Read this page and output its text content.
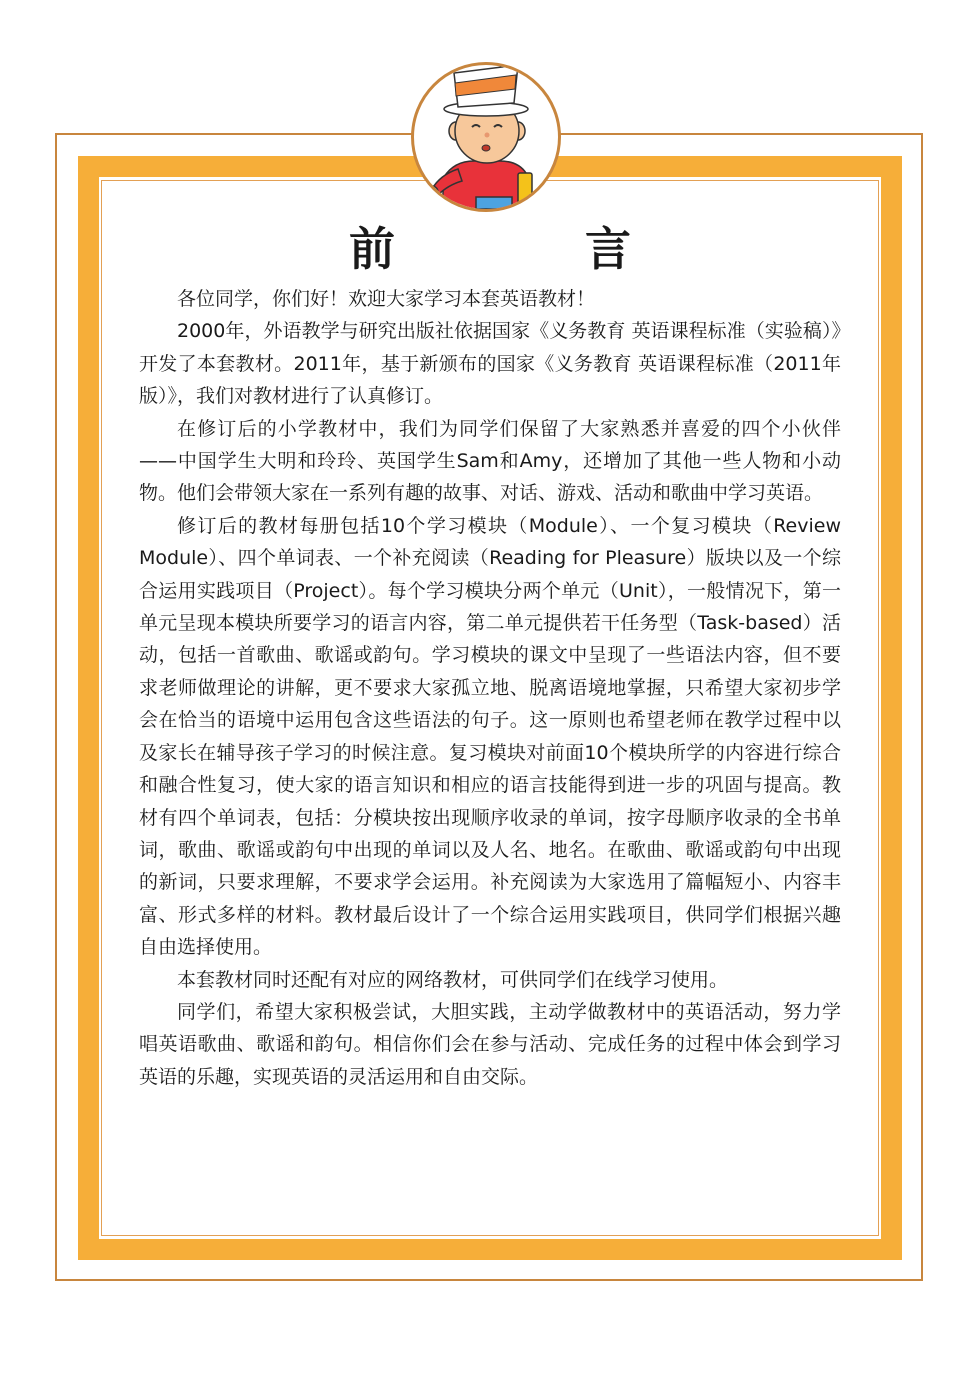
前	言

各位同学，你们好！欢迎大家学习本套英语教材！

2000年，外语教学与研究出版社依据国家《义务教育 英语课程标准（实验稿）》开发了本套教材。2011年，基于新颁布的国家《义务教育 英语课程标准（2011年版）》，我们对教材进行了认真修订。

在修订后的小学教材中，我们为同学们保留了大家熟悉并喜爱的四个小伙伴——中国学生大明和玲玲、英国学生Sam和Amy，还增加了其他一些人物和小动物。他们会带领大家在一系列有趣的故事、对话、游戏、活动和歌曲中学习英语。

修订后的教材每册包括10个学习模块（Module）、一个复习模块（Review Module）、四个单词表、一个补充阅读（Reading for Pleasure）版块以及一个综合运用实践项目（Project）。每个学习模块分两个单元（Unit），一般情况下，第一单元呈现本模块所要学习的语言内容，第二单元提供若干任务型（Task-based）活动，包括一首歌曲、歌谣或韵句。学习模块的课文中呈现了一些语法内容，但不要求老师做理论的讲解，更不要求大家孤立地、脱离语境地掌握，只希望大家初步学会在恰当的语境中运用包含这些语法的句子。这一原则也希望老师在教学过程中以及家长在辅导孩子学习的时候注意。复习模块对前面10个模块所学的内容进行综合和融合性复习，使大家的语言知识和相应的语言技能得到进一步的巩固与提高。教材有四个单词表，包括：分模块按出现顺序收录的单词，按字母顺序收录的全书单词，歌曲、歌谣或韵句中出现的单词以及人名、地名。在歌曲、歌谣或韵句中出现的新词，只要求理解，不要求学会运用。补充阅读为大家选用了篇幅短小、内容丰富、形式多样的材料。教材最后设计了一个综合运用实践项目，供同学们根据兴趣自由选择使用。

本套教材同时还配有对应的网络教材，可供同学们在线学习使用。

同学们，希望大家积极尝试，大胆实践，主动学做教材中的英语活动，努力学唱英语歌曲、歌谣和韵句。相信你们会在参与活动、完成任务的过程中体会到学习英语的乐趣，实现英语的灵活运用和自由交际。
